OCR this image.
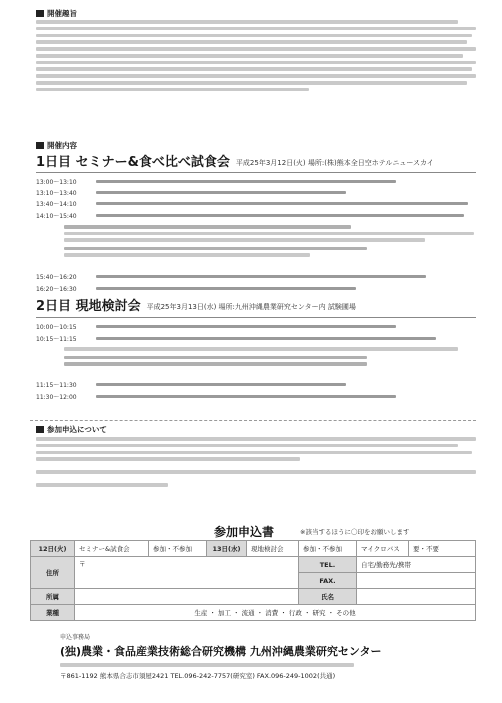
開催趣旨
開催内容
1日目 セミナー&食べ比べ試食会 平成25年3月12日(火) 場所:(株)熊本全日空ホテルニュースカイ
13:00～13:10
13:10～13:40
13:40～14:10
14:10～15:40
15:40～16:20
16:20～16:30
2日目 現地検討会 平成25年3月13日(水) 場所:九州沖縄農業研究センター内 試験圃場
10:00～10:15
10:15～11:15
11:15～11:30
11:30～12:00
参加申込について
参加申込書	※該当するほうに〇印をお願いします
12日(火)	セミナー&試食会	参加・不参加	13日(水)	現地検討会	参加・不参加	マイクロバス	要・不要
住所	〒				TEL.	自宅/勤務先/携帯	
					FAX.		
所属					氏名		
業種	生産 ・ 加工 ・ 流通 ・ 消費 ・ 行政 ・ 研究 ・ その他						
申込事務局
(独)農業・食品産業技術総合研究機構 九州沖縄農業研究センター
〒861-1192 熊本県合志市須屋2421 TEL.096-242-7757(研究室) FAX.096-249-1002(共通)
